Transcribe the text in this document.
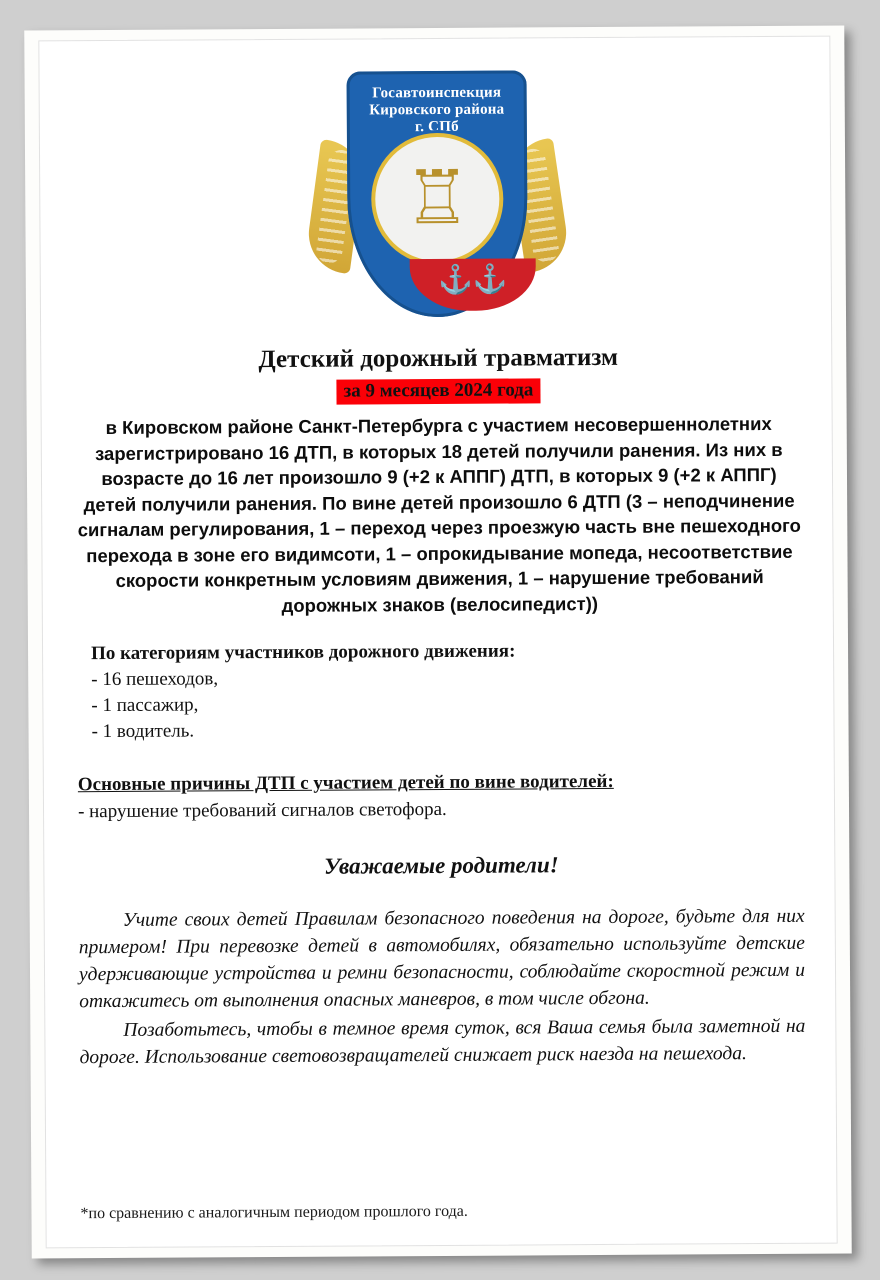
Госавтоинспекция
Кировского района
г. СПб
♖
⚓⚓
Детский дорожный травматизм
за 9 месяцев 2024 года
в Кировском районе Санкт-Петербурга с участием несовершеннолетних зарегистрировано 16 ДТП, в которых 18 детей получили ранения. Из них в возрасте до 16 лет произошло 9 (+2 к АППГ) ДТП, в которых 9 (+2 к АППГ) детей получили ранения. По вине детей произошло 6 ДТП (3 – неподчинение сигналам регулирования, 1 – переход через проезжую часть вне пешеходного перехода в зоне его видимсоти, 1 – опрокидывание мопеда, несоответствие скорости конкретным условиям движения, 1 – нарушение требований дорожных знаков (велосипедист))
По категориям участников дорожного движения:
- 16 пешеходов,
- 1 пассажир,
- 1 водитель.
Основные причины ДТП с участием детей по вине водителей:
- нарушение требований сигналов светофора.
Уважаемые родители!

Учите своих детей Правилам безопасного поведения на дороге, будьте для них примером! При перевозке детей в автомобилях, обязательно используйте детские удерживающие устройства и ремни безопасности, соблюдайте скоростной режим и откажитесь от выполнения опасных маневров, в том числе обгона.

Позаботьтесь, чтобы в темное время суток, вся Ваша семья была заметной на дороге. Использование световозвращателей снижает риск наезда на пешехода.

*по сравнению с аналогичным периодом прошлого года.
